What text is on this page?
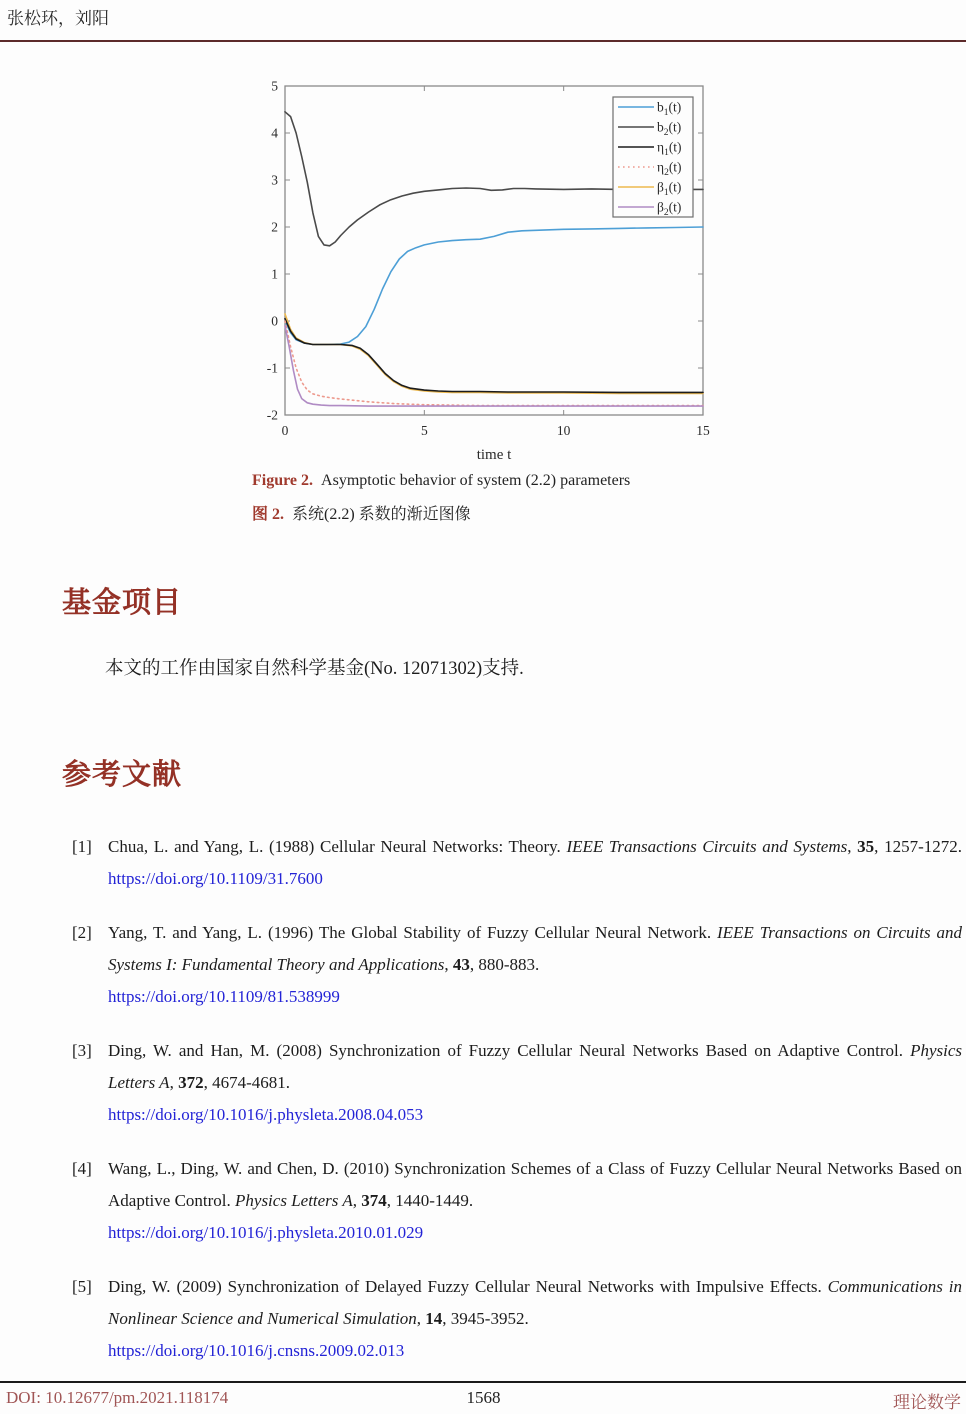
张松环，刘阳
0	5	10	15
-2
-1
0
1
2
3
4
5
time t
$b_1(t)$
$b_2(t)$
$\eta_1(t)$
$\eta_2(t)$
$\beta_1(t)$
$\beta_2(t)$
Figure 2. Asymptotic behavior of system (2.2) parameters
图 2. 系统(2.2) 系数的渐近图像
基金项目

本文的工作由国家自然科学基金(No. 12071302)支持.

参考文献
[1] Chua, L. and Yang, L. (1988) Cellular Neural Networks: Theory. IEEE Transactions Circuits and Systems, 35, 1257-1272. https://doi.org/10.1109/31.7600
[2] Yang, T. and Yang, L. (1996) The Global Stability of Fuzzy Cellular Neural Network. IEEE Transactions on Circuits and Systems I: Fundamental Theory and Applications, 43, 880-883.
https://doi.org/10.1109/81.538999
[3] Ding, W. and Han, M. (2008) Synchronization of Fuzzy Cellular Neural Networks Based on Adaptive Control. Physics Letters A, 372, 4674-4681.
https://doi.org/10.1016/j.physleta.2008.04.053
[4] Wang, L., Ding, W. and Chen, D. (2010) Synchronization Schemes of a Class of Fuzzy Cellular Neural Networks Based on Adaptive Control. Physics Letters A, 374, 1440-1449.
https://doi.org/10.1016/j.physleta.2010.01.029
[5] Ding, W. (2009) Synchronization of Delayed Fuzzy Cellular Neural Networks with Impulsive Effects. Communications in Nonlinear Science and Numerical Simulation, 14, 3945-3952.
https://doi.org/10.1016/j.cnsns.2009.02.013
DOI: 10.12677/pm.2021.118174	1568	理论数学
